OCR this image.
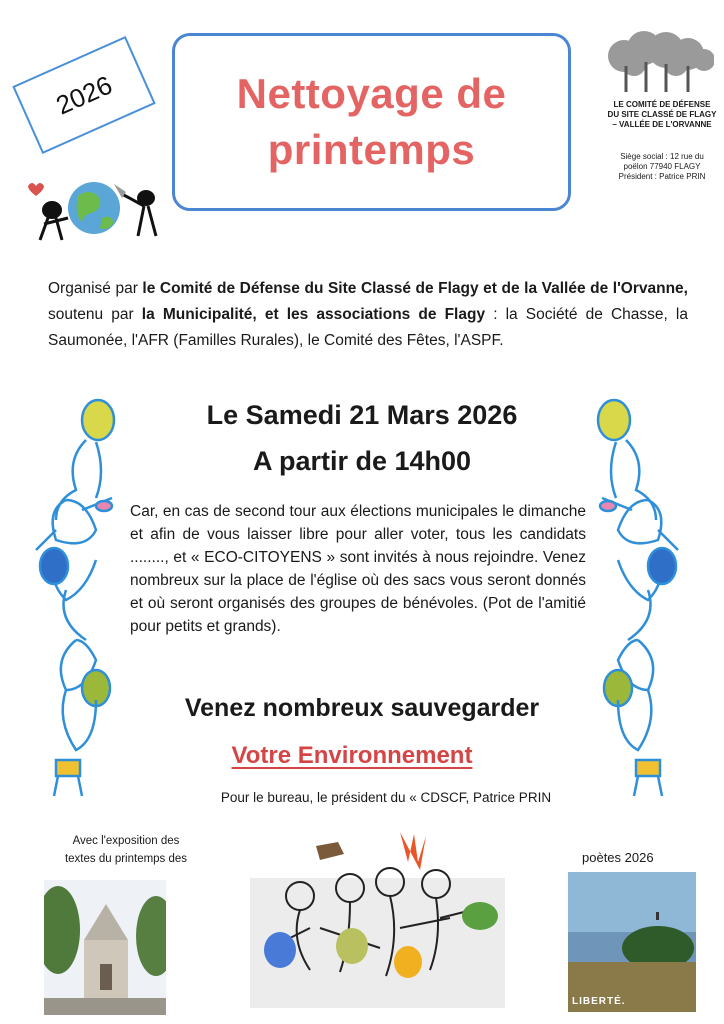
2026	Nettoyage de
printemps
LE COMITÉ DE DÉFENSE
DU SITE CLASSÉ DE FLAGY
– VALLÉE DE L'ORVANNE
Siège social : 12 rue du
poëlon 77940 FLAGY
Président : Patrice PRIN
Organisé par le Comité de Défense du Site Classé de Flagy et de la Vallée de l'Orvanne, soutenu par la Municipalité, et les associations de Flagy : la Société de Chasse, la Saumonée, l'AFR (Familles Rurales), le Comité des Fêtes, l'ASPF.
Le Samedi 21 Mars 2026
A partir de 14h00
Car, en cas de second tour aux élections municipales le dimanche et afin de vous laisser libre pour aller voter, tous les candidats ........, et « ECO-CITOYENS » sont invités à nous rejoindre. Venez nombreux sur la place de l'église où des sacs vous seront donnés et où seront organisés des groupes de bénévoles. (Pot de l'amitié pour petits et grands).
Venez nombreux sauvegarder
Votre Environnement
Pour le bureau, le président du « CDSCF, Patrice PRIN
Avec l'exposition des
textes du printemps des	poètes 2026
LIBERTÉ.
